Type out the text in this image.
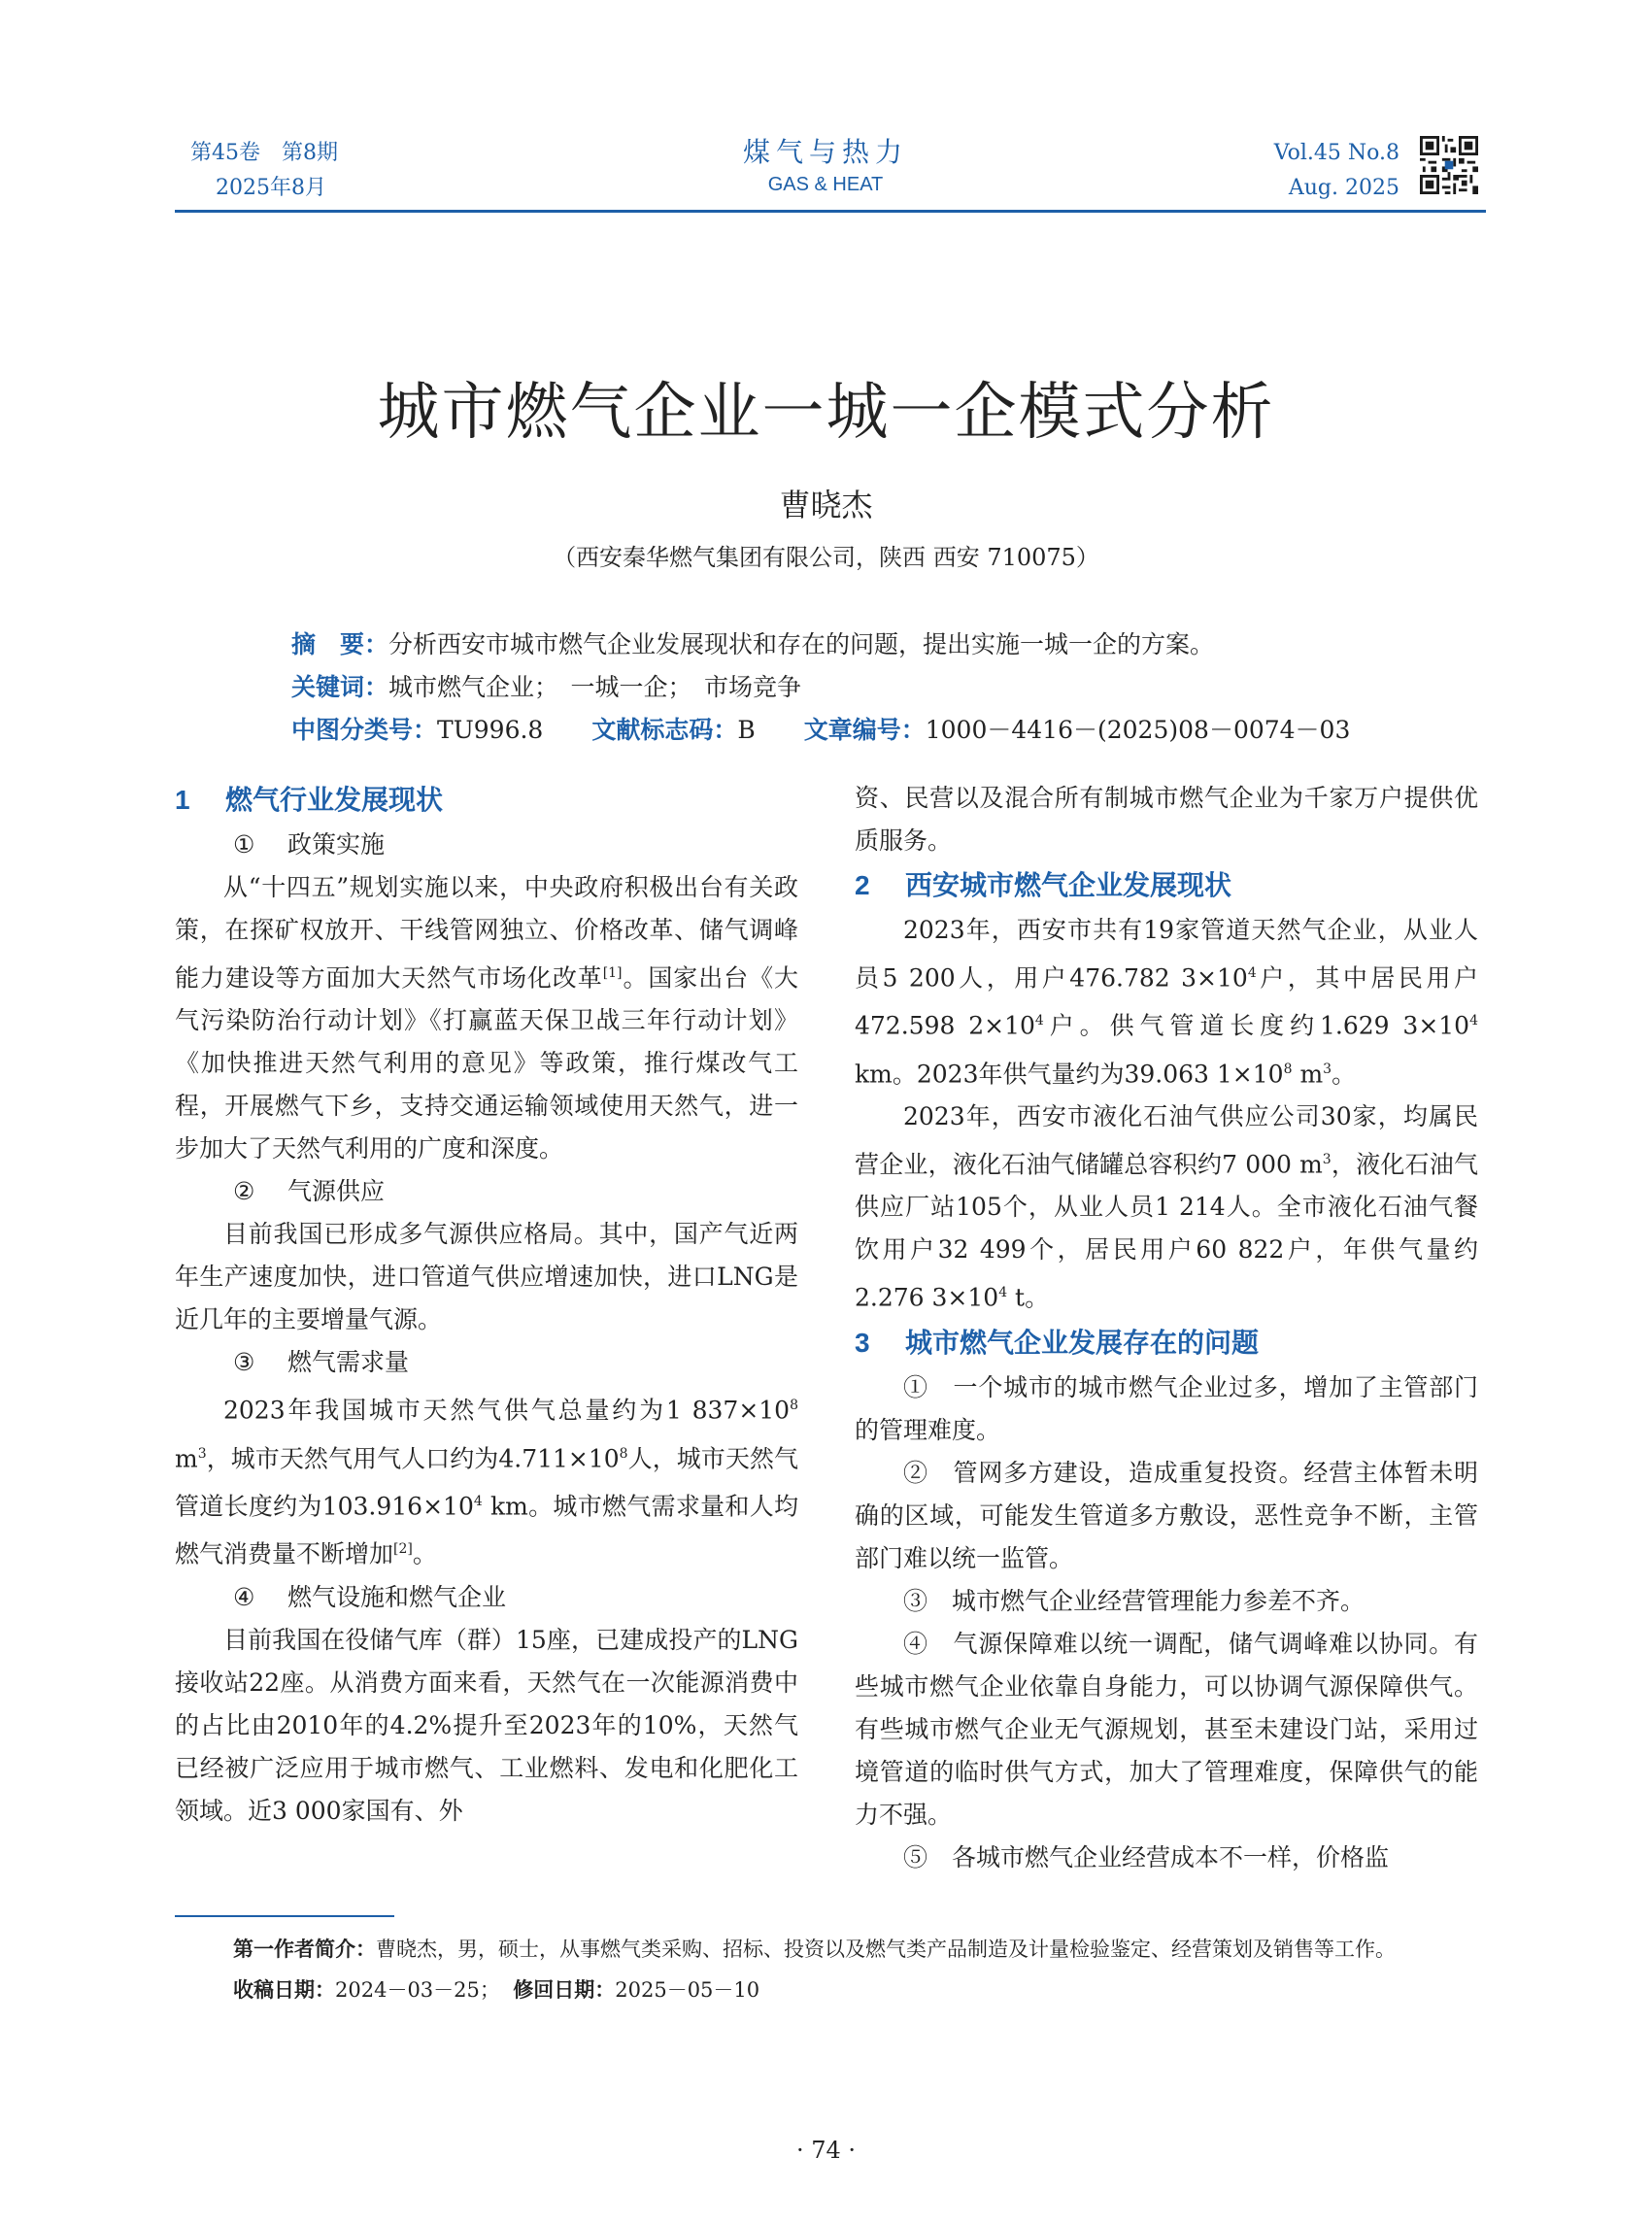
第45卷　第8期
2025年8月
煤气与热力
GAS & HEAT
Vol.45 No.8
Aug. 2025
城市燃气企业一城一企模式分析
曹晓杰
（西安秦华燃气集团有限公司，陕西 西安 710075）
摘　要：分析西安市城市燃气企业发展现状和存在的问题，提出实施一城一企的方案。
关键词：城市燃气企业；　一城一企；　市场竞争
中图分类号：TU996.8 文献标志码：B 文章编号：1000－4416－(2025)08－0074－03
1 燃气行业发展现状
① 政策实施

从“十四五”规划实施以来，中央政府积极出台有关政策，在探矿权放开、干线管网独立、价格改革、储气调峰能力建设等方面加大天然气市场化改革[1]。国家出台《大气污染防治行动计划》《打赢蓝天保卫战三年行动计划》《加快推进天然气利用的意见》等政策，推行煤改气工程，开展燃气下乡，支持交通运输领域使用天然气，进一步加大了天然气利用的广度和深度。

② 气源供应

目前我国已形成多气源供应格局。其中，国产气近两年生产速度加快，进口管道气供应增速加快，进口LNG是近几年的主要增量气源。

③ 燃气需求量

2023年我国城市天然气供气总量约为1 $837\times 10^8$ $m^3$，城市天然气用气人口约为$4.711\times 10^8$人，城市天然气管道长度约为$103.916\times 10^4$ km。城市燃气需求量和人均燃气消费量不断增加[2]。

④ 燃气设施和燃气企业

目前我国在役储气库（群）15座，已建成投产的LNG接收站22座。从消费方面来看，天然气在一次能源消费中的占比由2010年的4.2%提升至2023年的10%，天然气已经被广泛应用于城市燃气、工业燃料、发电和化肥化工领域。近3 000家国有、外

资、民营以及混合所有制城市燃气企业为千家万户提供优质服务。

2 西安城市燃气企业发展现状

2023年，西安市共有19家管道天然气企业，从业人员5 200人，用户476.782 $3\times 10^4$户，其中居民用户472.598 $2\times 10^4$户。供气管道长度约1.629 $3\times 10^4$ km。2023年供气量约为39.063 $1\times 10^8$ $m^3$。

2023年，西安市液化石油气供应公司30家，均属民营企业，液化石油气储罐总容积约7 000 $m^3$，液化石油气供应厂站105个，从业人员1 214人。全市液化石油气餐饮用户32 499个，居民用户60 822户，年供气量约2.276 $3\times 10^4$ t。

3 城市燃气企业发展存在的问题

①　一个城市的城市燃气企业过多，增加了主管部门的管理难度。

②　管网多方建设，造成重复投资。经营主体暂未明确的区域，可能发生管道多方敷设，恶性竞争不断，主管部门难以统一监管。

③　城市燃气企业经营管理能力参差不齐。

④　气源保障难以统一调配，储气调峰难以协同。有些城市燃气企业依靠自身能力，可以协调气源保障供气。有些城市燃气企业无气源规划，甚至未建设门站，采用过境管道的临时供气方式，加大了管理难度，保障供气的能力不强。

⑤　各城市燃气企业经营成本不一样，价格监

第一作者简介：曹晓杰，男，硕士，从事燃气类采购、招标、投资以及燃气类产品制造及计量检验鉴定、经营策划及销售等工作。
收稿日期：2024－03－25； 修回日期：2025－05－10
· 74 ·
